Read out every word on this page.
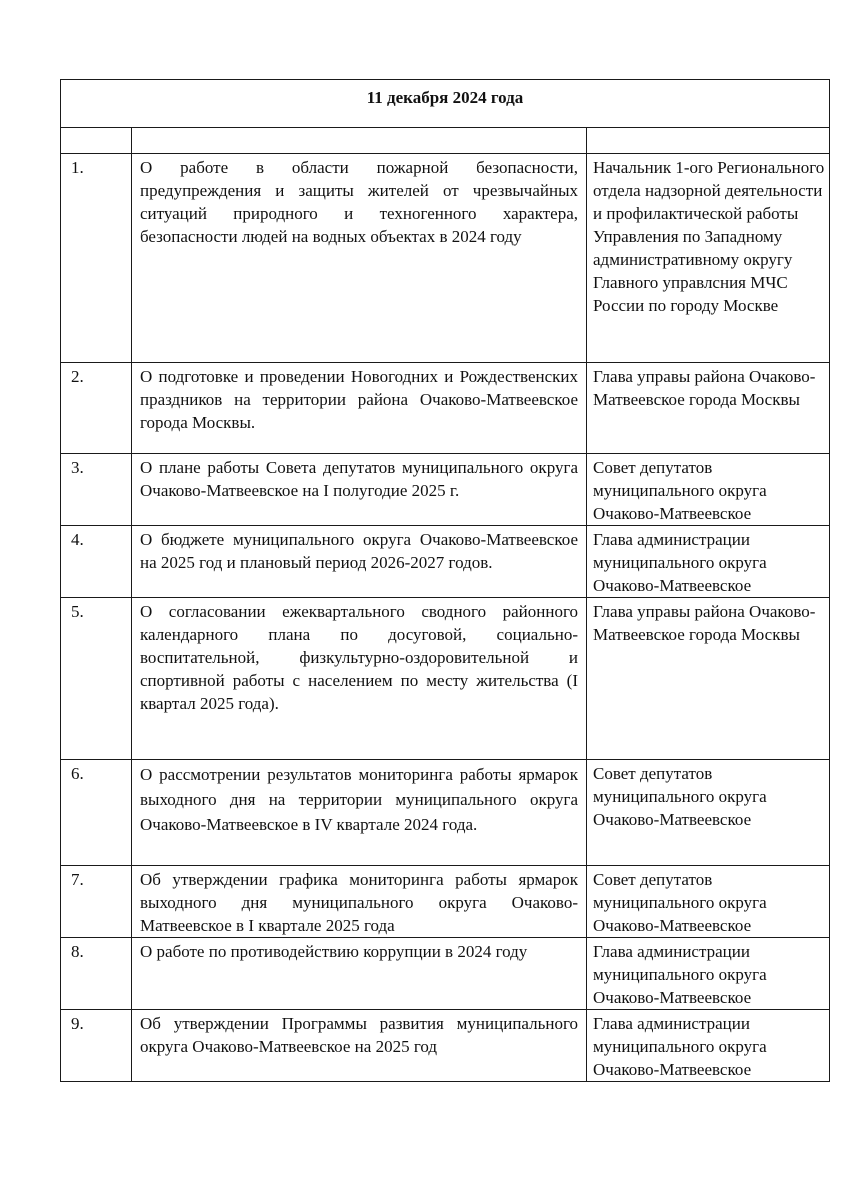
11 декабря 2024 года		

1.	О работе в области пожарной безопасности, предупреждения и защиты жителей от чрезвычайных ситуаций природного и техногенного характера, безопасности людей на водных объектах в 2024 году	Начальник 1-ого Регионального отдела надзорной деятельности и профилактической работы Управления по Западному административному округу Главного управлсния МЧС России по городу Москве
2.	О подготовке и проведении Новогодних и Рождественских праздников на территории района Очаково-Матвеевское города Москвы.	Глава управы района Очаково-Матвеевское города Москвы
3.	О плане работы Совета депутатов муниципального округа Очаково-Матвеевское на I полугодие 2025 г.	Совет депутатов муниципального округа Очаково-Матвеевское
4.	О бюджете муниципального округа Очаково-Матвеевское на 2025 год и плановый период 2026-2027 годов.	Глава администрации муниципального округа Очаково-Матвеевское
5.	О согласовании ежеквартального сводного районного календарного плана по досуговой, социально-воспитательной, физкультурно-оздоровительной и спортивной работы с населением по месту жительства (I квартал 2025 года).	Глава управы района Очаково-Матвеевское города Москвы
6.	О рассмотрении результатов мониторинга работы ярмарок выходного дня на территории муниципального округа Очаково-Матвеевское в IV квартале 2024 года.	Совет депутатов муниципального округа Очаково-Матвеевское
7.	Об утверждении графика мониторинга работы ярмарок выходного дня муниципального округа Очаково-Матвеевское в I квартале 2025 года	Совет депутатов муниципального округа Очаково-Матвеевское
8.	О работе по противодействию коррупции в 2024 году	Глава администрации муниципального округа Очаково-Матвеевское
9.	Об утверждении Программы развития муниципального округа Очаково-Матвеевское на 2025 год	Глава администрации муниципального округа Очаково-Матвеевское
